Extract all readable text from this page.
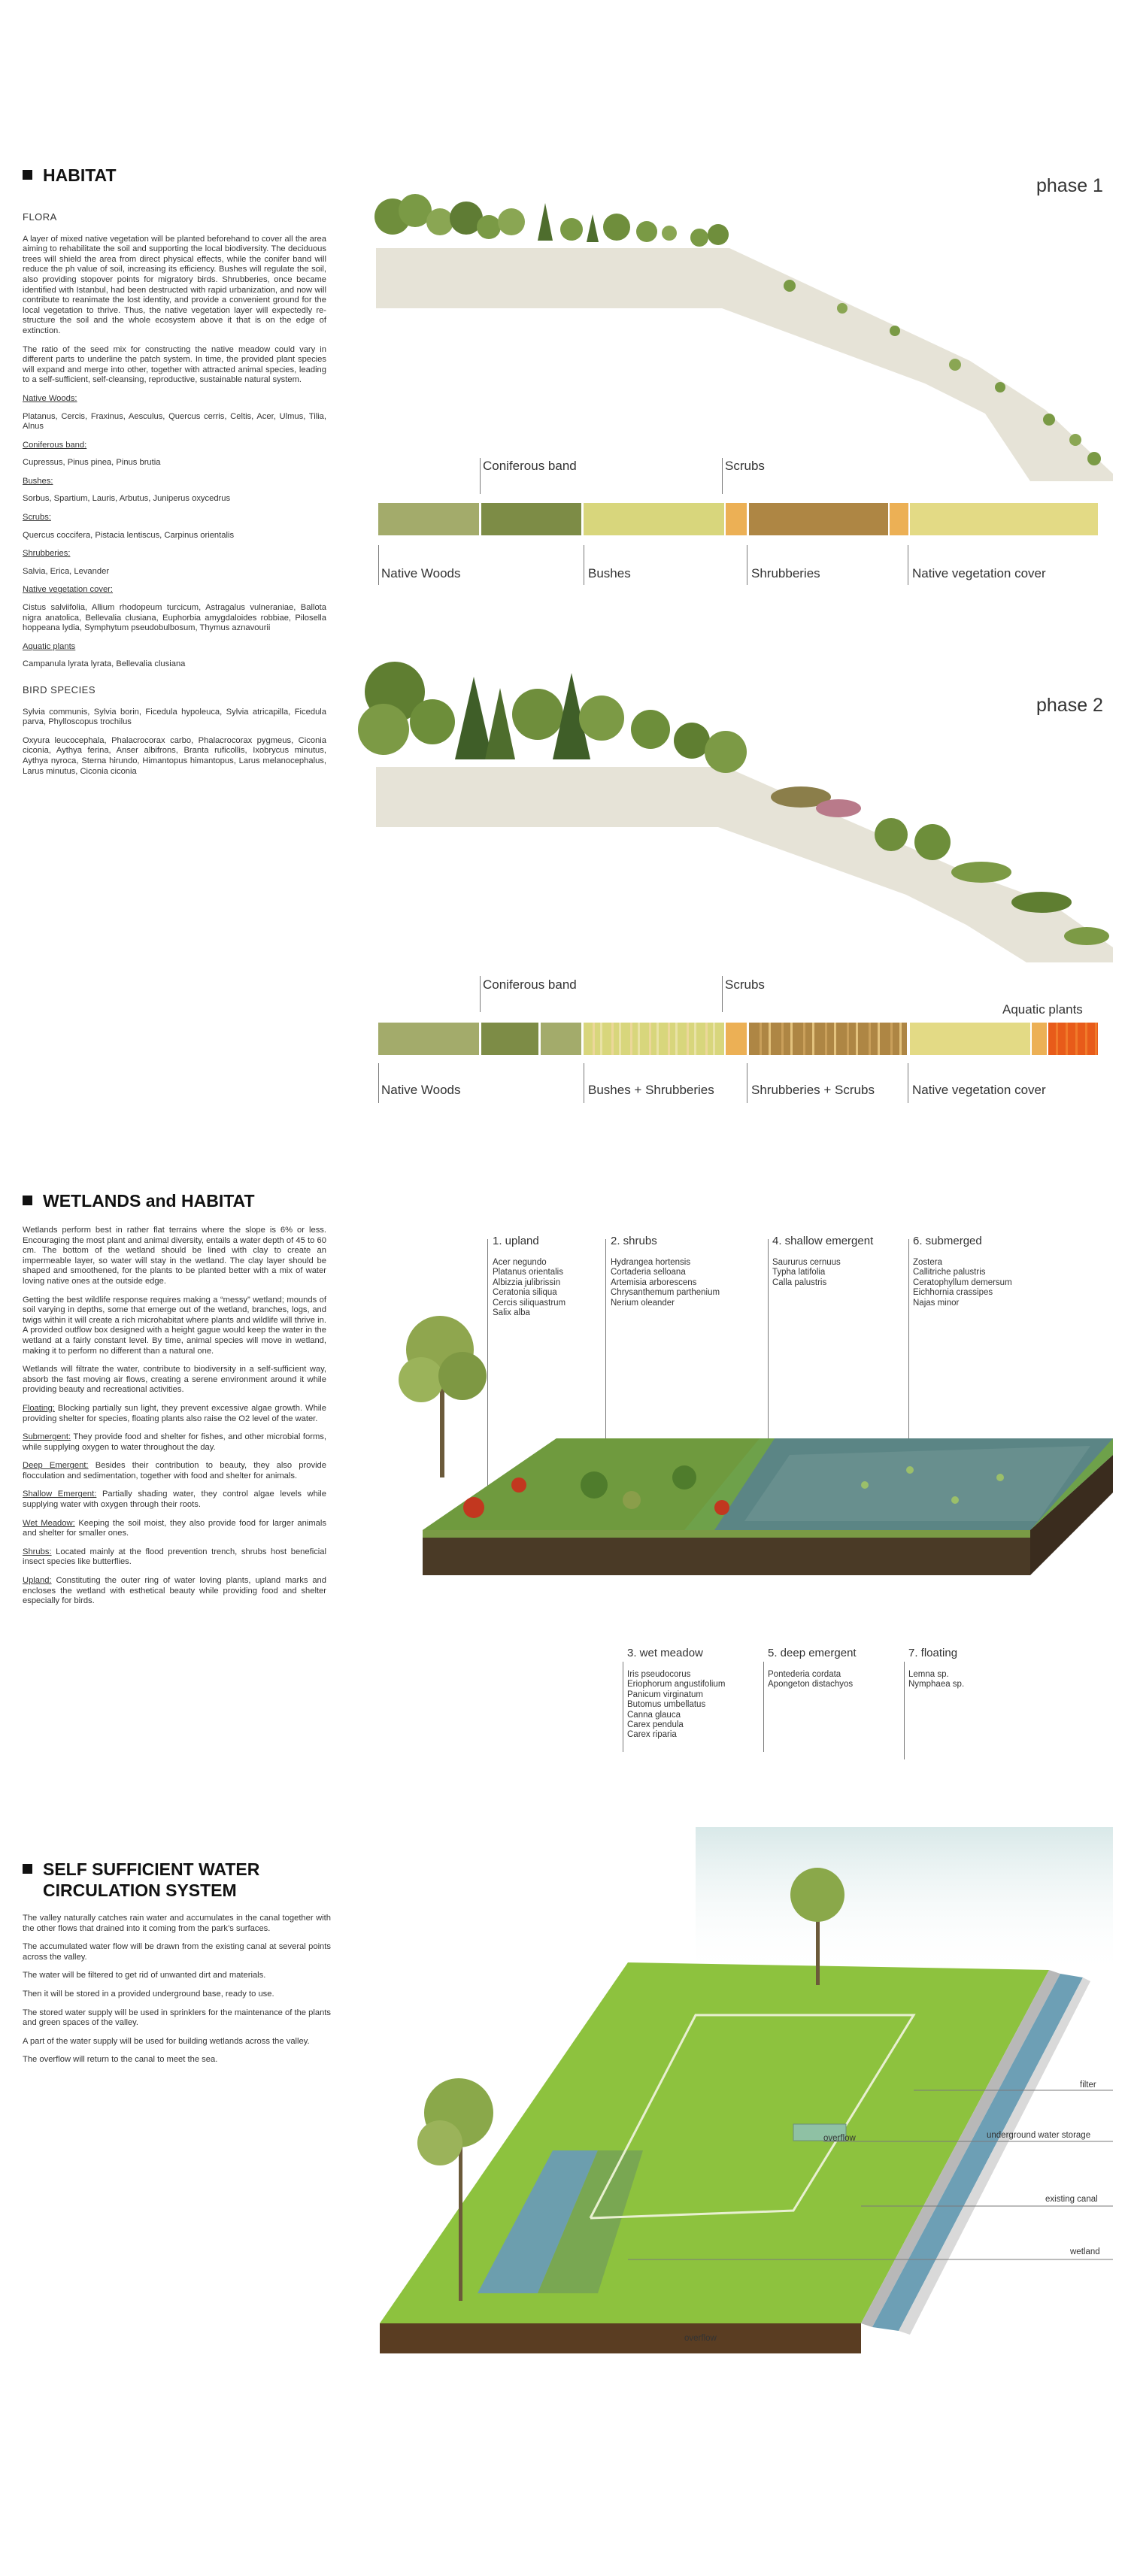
HABITAT
FLORA

A layer of mixed native vegetation will be planted beforehand to cover all the area aiming to rehabilitate the soil and supporting the local biodiversity. The deciduous trees will shield the area from direct physical effects, while the conifer band will reduce the ph value of soil, increasing its efficiency. Bushes will regulate the soil, also providing stopover points for migratory birds. Shrubberies, once became identified with Istanbul, had been destructed with rapid urbanization, and now will contribute to reanimate the lost identity, and provide a convenient ground for the local vegetation to thrive. Thus, the native vegetation layer will expectedly re-structure the soil and the whole ecosystem above it that is on the edge of extinction.

The ratio of the seed mix for constructing the native meadow could vary in different parts to underline the patch system. In time, the provided plant species will expand and merge into other, together with attracted animal species, leading to a self-sufficient, self-cleansing, reproductive, sustainable natural system.

Native Woods:

Platanus, Cercis, Fraxinus, Aesculus, Quercus cerris, Celtis, Acer, Ulmus, Tilia, Alnus

Coniferous band:

Cupressus, Pinus pinea, Pinus brutia

Bushes:

Sorbus, Spartium, Lauris, Arbutus, Juniperus oxycedrus

Scrubs:

Quercus coccifera, Pistacia lentiscus, Carpinus orientalis

Shrubberies:

Salvia, Erica, Levander

Native vegetation cover:

Cistus salviifolia, Allium rhodopeum turcicum, Astragalus vulneraniae, Ballota nigra anatolica, Bellevalia clusiana, Euphorbia amygdaloides robbiae, Pilosella hoppeana lydia, Symphytum pseudobulbosum, Thymus aznavourii

Aquatic plants

Campanula lyrata lyrata, Bellevalia clusiana

BIRD SPECIES

Sylvia communis, Sylvia borin, Ficedula hypoleuca, Sylvia atricapilla, Ficedula parva, Phylloscopus trochilus

Oxyura leucocephala, Phalacrocorax carbo, Phalacrocorax pygmeus, Ciconia ciconia, Aythya ferina, Anser albifrons, Branta ruficollis, Ixobrycus minutus, Aythya nyroca, Sterna hirundo, Himantopus himantopus, Larus melanocephalus, Larus minutus, Ciconia ciconia

phase 1
Coniferous band	Scrubs
Native Woods	Bushes	Shrubberies	Native vegetation cover
phase 2
Coniferous band	Scrubs
Aquatic plants
Native Woods	Bushes + Shrubberies	Shrubberies + Scrubs	Native vegetation cover
WETLANDS and HABITAT

Wetlands perform best in rather flat terrains where the slope is 6% or less. Encouraging the most plant and animal diversity, entails a water depth of 45 to 60 cm. The bottom of the wetland should be lined with clay to create an impermeable layer, so water will stay in the wetland. The clay layer should be shaped and smoothened, for the plants to be planted better with a mix of water loving native ones at the outside edge.

Getting the best wildlife response requires making a “messy” wetland; mounds of soil varying in depths, some that emerge out of the wetland, branches, logs, and twigs within it will create a rich microhabitat where plants and wildlife will thrive in. A provided outflow box designed with a height gague would keep the water in the wetland at a fairly constant level. By time, animal species will move in wetland, making it to perform no different than a natural one.

Wetlands will filtrate the water, contribute to biodiversity in a self-sufficient way, absorb the fast moving air flows, creating a serene environment around it while providing beauty and recreational activities.

Floating: Blocking partially sun light, they prevent excessive algae growth. While providing shelter for species, floating plants also raise the O2 level of the water.

Submergent: They provide food and shelter for fishes, and other microbial forms, while supplying oxygen to water throughout the day.

Deep Emergent: Besides their contribution to beauty, they also provide flocculation and sedimentation, together with food and shelter for animals.

Shallow Emergent: Partially shading water, they control algae levels while supplying water with oxygen through their roots.

Wet Meadow: Keeping the soil moist, they also provide food for larger animals and shelter for smaller ones.

Shrubs: Located mainly at the flood prevention trench, shrubs host beneficial insect species like butterflies.

Upland: Constituting the outer ring of water loving plants, upland marks and encloses the wetland with esthetical beauty while providing food and shelter especially for birds.

1. upland
Acer negundo
Platanus orientalis
Albizzia julibrissin
Ceratonia siliqua
Cercis siliquastrum
Salix alba
2. shrubs
Hydrangea hortensis
Cortaderia selloana
Artemisia arborescens
Chrysanthemum parthenium
Nerium oleander
4. shallow emergent
Saururus cernuus
Typha latifolia
Calla palustris
6. submerged
Zostera
Callitriche palustris
Ceratophyllum demersum
Eichhornia crassipes
Najas minor
3. wet meadow
Iris pseudocorus
Eriophorum angustifolium
Panicum virginatum
Butomus umbellatus
Canna glauca
Carex pendula
Carex riparia
5. deep emergent
Pontederia cordata
Apongeton distachyos
7. floating
Lemna sp.
Nymphaea sp.
SELF SUFFICIENT WATER
CIRCULATION SYSTEM

The valley naturally catches rain water and accumulates in the canal together with the other flows that drained into it coming from the park’s surfaces.

The accumulated water flow will be drawn from the existing canal at several points across the valley.

The water will be filtered to get rid of unwanted dirt and materials.

Then it will be stored in a provided underground base, ready to use.

The stored water supply will be used in sprinklers for the maintenance of the plants and green spaces of the valley.

A part of the water supply will be used for building wetlands across the valley.

The overflow will return to the canal to meet the sea.

filter
underground water storage
existing canal
wetland
overflow
overflow
